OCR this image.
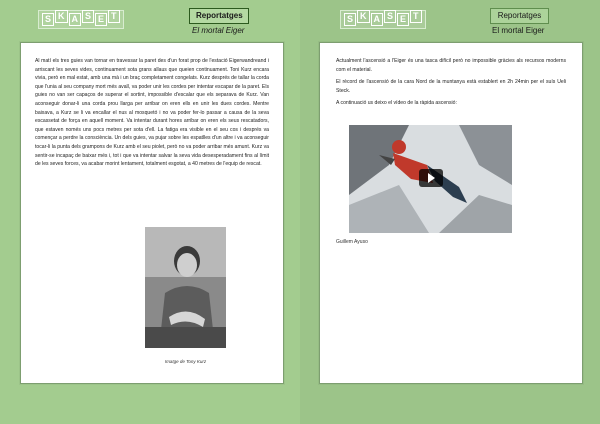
S K A S E T	Reportatges
El mortal Eiger

Al matí els tres guies van tornar en travessar la paret des d'un forat prop de l'estació Eigerwandreand i arriscant les seves vides, continuament sota grans allaus que queien continuament. Toni Kurz encara vivia, però en mal estat, amb una mà i un braç completament congelats. Kurz després de tallar la corda que l'unia al seu company mort més avall, va poder unir les cordes per intentar escapar de la paret. Els guies no van ser capaços de superar el sortint, impossible d'escalar que els separava de Kurz. Van aconseguir donar-li una corda prou llarga per arribar on eren ells en unir les dues cordes. Mentre baixava, a Kurz se li va encallar el nus al mosquetó i no va poder fer-lo passar a causa de la seva escassetat de força en aquell moment. Va intentar durant hores arribar on eren els seus rescatadors, que estaven només uns pocs metres per sota d'ell. La fatiga era visible en el seu cos i després va començar a perdre la consciència. Un dels guies, va pujar sobre les espatlles d'un altre i va aconseguir tocar-li la punta dels grampons de Kurz amb el seu piolet, però no va poder arribar més amunt. Kurz va sentir-se incapaç de baixar més i, tot i que va intentar salvar la seva vida desesperadament fins al límit de les seves forces, va acabar morint lentament, totalment esgotat, a 40 metres de l'equip de rescat.

Imatge de Tony Kurz
S K A S E T	Reportatges
El mortal Eiger

Actualment l'ascensió a l'Eiger és una tasca difícil però no impossible gràcies als recursos moderns com el material.

El rècord de l'ascensió de la cara Nord de la muntanya està establert en 2h 24min per el suís Ueli Steck.

A continuació us deixo el vídeo de la ràpida ascensió:

Guillem Ayuso
